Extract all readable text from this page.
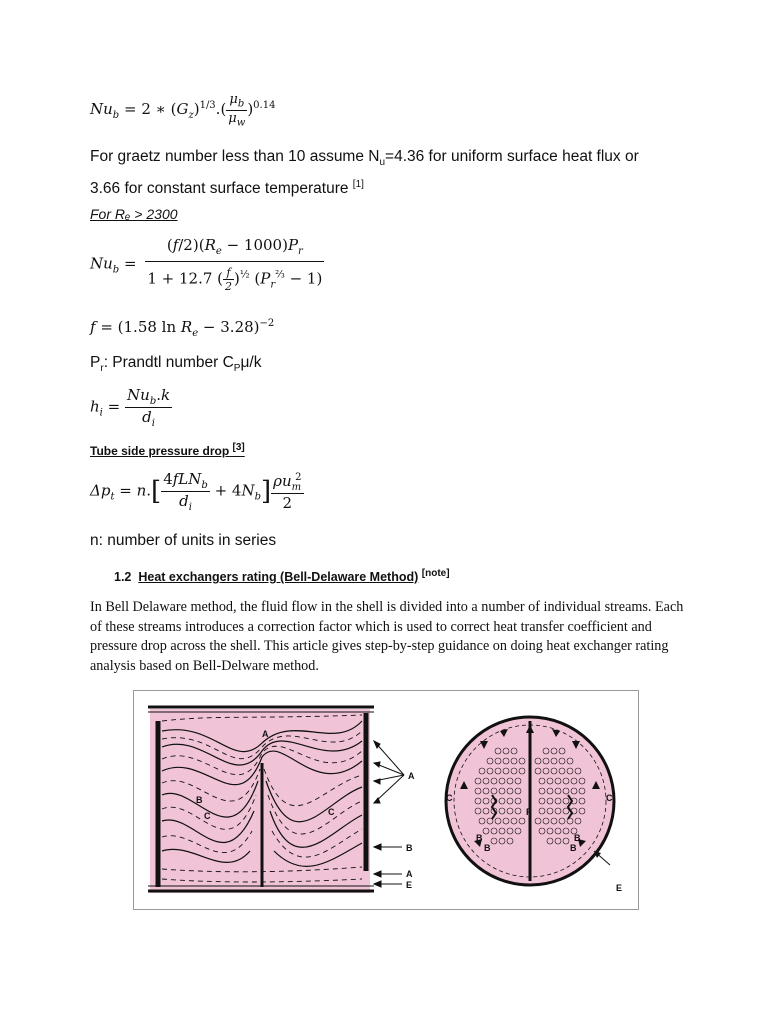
$Nu_b = 2$ ∗ $(G_z)^{1/3}.( \frac{\mu_b}{\mu_w} )^{0.14}$
For graetz number less than 10 assume $N_u=4.36$ for uniform surface heat flux or
3.66 for constant surface temperature [1]
For Rₑ > 2300
$Nu_b = \frac{(f/2)(R_e - 1000)P_r}{1 + 12.7 ( \frac{f}{2} )^{\frac{1}{2}} (P_r^{\frac{2}{3}} - 1)}$
f = (1.58 $\ln R_e - 3.28)^{-2}$
$P_r$: Prandtl number $C_P\mu/k$
$h_i = \frac{Nu_b.k}{d_i}$
Tube side pressure drop [3]
$\Delta p_t = n.[ \frac{4fLN_b}{d_i} + 4N_b] \frac{\rho u_m^2}{2}$
n: number of units in series
1.2 Heat exchangers rating (Bell-Delaware Method) [note]
In Bell Delaware method, the fluid flow in the shell is divided into a number of individual streams. Each of these streams introduces a correction factor which is used to correct heat transfer coefficient and pressure drop across the shell. This article gives step-by-step guidance on doing heat exchanger rating analysis based on Bell-Delware method.
A
B
C	C
A
B
A
E
C
F
C
B
B
B
B
E
